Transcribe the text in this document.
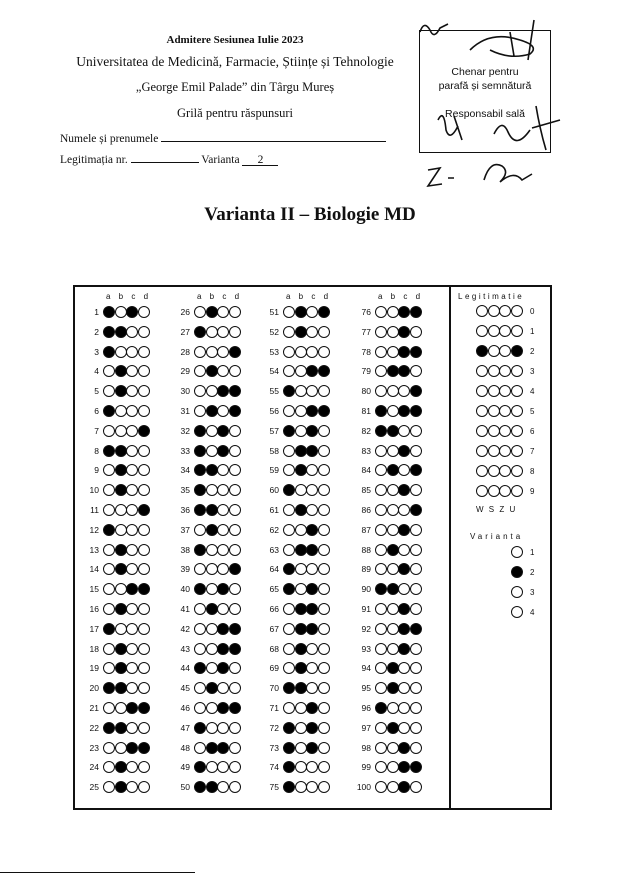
Admitere Sesiunea Iulie 2023
Universitatea de Medicină, Farmacie, Științe și Tehnologie
„George Emil Palade” din Târgu Mureș
Grilă pentru răspunsuri
Numele și prenumele
Legitimația nr.	Varianta 2
Chenar pentru
parafă și semnătură
Responsabil sală
Varianta II – Biologie MD
a b c d
1
2
3
4
5
6
7
8
9
10
11
12
13
14
15
16
17
18
19
20
21
22
23
24
25
a b c d
26
27
28
29
30
31
32
33
34
35
36
37
38
39
40
41
42
43
44
45
46
47
48
49
50
a b c d
51
52
53
54
55
56
57
58
59
60
61
62
63
64
65
66
67
68
69
70
71
72
73
74
75
a b c d
76
77
78
79
80
81
82
83
84
85
86
87
88
89
90
91
92
93
94
95
96
97
98
99
100
Legitimatie
0
1
2
3
4
5
6
7
8
9
W S Z U
Varianta
1
2
3
4
